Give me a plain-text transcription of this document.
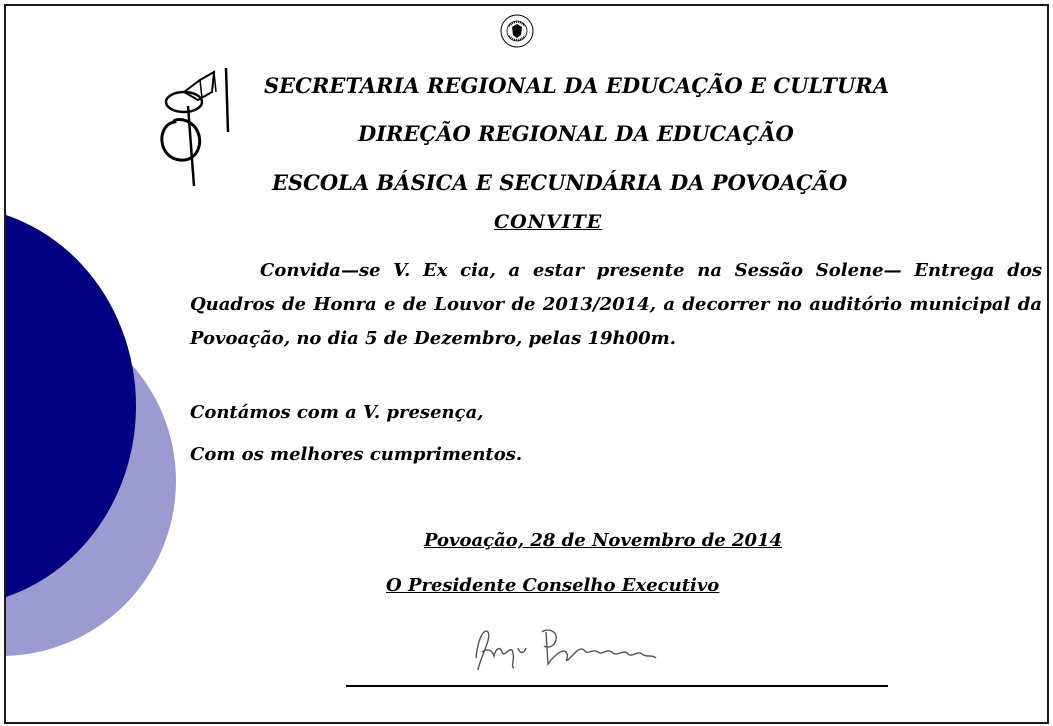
SECRETARIA REGIONAL DA EDUCAÇÃO E CULTURA
DIREÇÃO REGIONAL DA EDUCAÇÃO
ESCOLA BÁSICA E SECUNDÁRIA DA POVOAÇÃO
CONVITE
Convida—se V. Ex cia, a estar presente na Sessão Solene— Entrega dos Quadros de Honra e de Louvor de 2013/2014, a decorrer no auditório municipal da Povoação, no dia 5 de Dezembro, pelas 19h00m.
Contámos com a V. presença,
Com os melhores cumprimentos.
Povoação, 28 de Novembro de 2014
O Presidente Conselho Executivo
